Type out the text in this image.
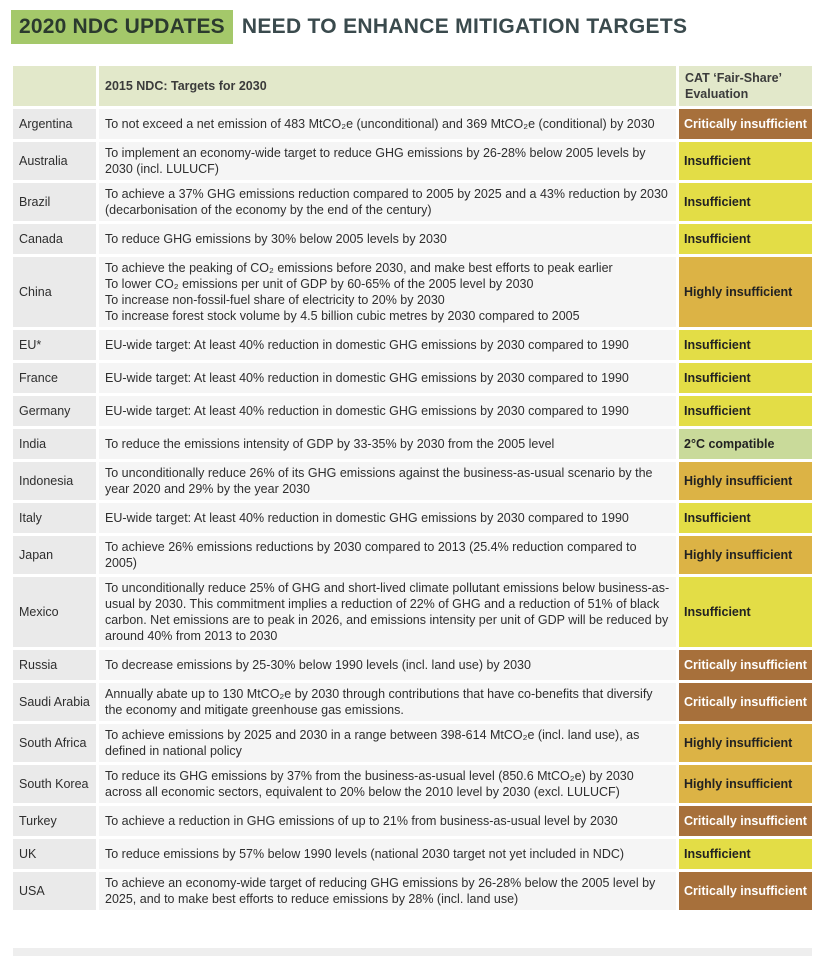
2020 NDC UPDATES NEED TO ENHANCE MITIGATION TARGETS
	2015 NDC: Targets for 2030	CAT ‘Fair-Share’ Evaluation
Argentina	To not exceed a net emission of 483 MtCO₂e (unconditional) and 369 MtCO₂e (conditional) by 2030	Critically insufficient
Australia	To implement an economy-wide target to reduce GHG emissions by 26-28% below 2005 levels by 2030 (incl. LULUCF)	Insufficient
Brazil	To achieve a 37% GHG emissions reduction compared to 2005 by 2025 and a 43% reduction by 2030 (decarbonisation of the economy by the end of the century)	Insufficient
Canada	To reduce GHG emissions by 30% below 2005 levels by 2030	Insufficient
China	To achieve the peaking of CO₂ emissions before 2030, and make best efforts to peak earlier
To lower CO₂ emissions per unit of GDP by 60-65% of the 2005 level by 2030
To increase non-fossil-fuel share of electricity to 20% by 2030
To increase forest stock volume by 4.5 billion cubic metres by 2030 compared to 2005	Highly insufficient
EU*	EU-wide target: At least 40% reduction in domestic GHG emissions by 2030 compared to 1990	Insufficient
France	EU-wide target: At least 40% reduction in domestic GHG emissions by 2030 compared to 1990	Insufficient
Germany	EU-wide target: At least 40% reduction in domestic GHG emissions by 2030 compared to 1990	Insufficient
India	To reduce the emissions intensity of GDP by 33-35% by 2030 from the 2005 level	2°C compatible
Indonesia	To unconditionally reduce 26% of its GHG emissions against the business-as-usual scenario by the year 2020 and 29% by the year 2030	Highly insufficient
Italy	EU-wide target: At least 40% reduction in domestic GHG emissions by 2030 compared to 1990	Insufficient
Japan	To achieve 26% emissions reductions by 2030 compared to 2013 (25.4% reduction compared to 2005)	Highly insufficient
Mexico	To unconditionally reduce 25% of GHG and short-lived climate pollutant emissions below business-as-usual by 2030. This commitment implies a reduction of 22% of GHG and a reduction of 51% of black carbon. Net emissions are to peak in 2026, and emissions intensity per unit of GDP will be reduced by around 40% from 2013 to 2030	Insufficient
Russia	To decrease emissions by 25-30% below 1990 levels (incl. land use) by 2030	Critically insufficient
Saudi Arabia	Annually abate up to 130 MtCO₂e by 2030 through contributions that have co-benefits that diversify the economy and mitigate greenhouse gas emissions.	Critically insufficient
South Africa	To achieve emissions by 2025 and 2030 in a range between 398-614 MtCO₂e (incl. land use), as defined in national policy	Highly insufficient
South Korea	To reduce its GHG emissions by 37% from the business-as-usual level (850.6 MtCO₂e) by 2030 across all economic sectors, equivalent to 20% below the 2010 level by 2030 (excl. LULUCF)	Highly insufficient
Turkey	To achieve a reduction in GHG emissions of up to 21% from business-as-usual level by 2030	Critically insufficient
UK	To reduce emissions by 57% below 1990 levels (national 2030 target not yet included in NDC)	Insufficient
USA	To achieve an economy-wide target of reducing GHG emissions by 26-28% below the 2005 level by 2025, and to make best efforts to reduce emissions by 28% (incl. land use)	Critically insufficient
